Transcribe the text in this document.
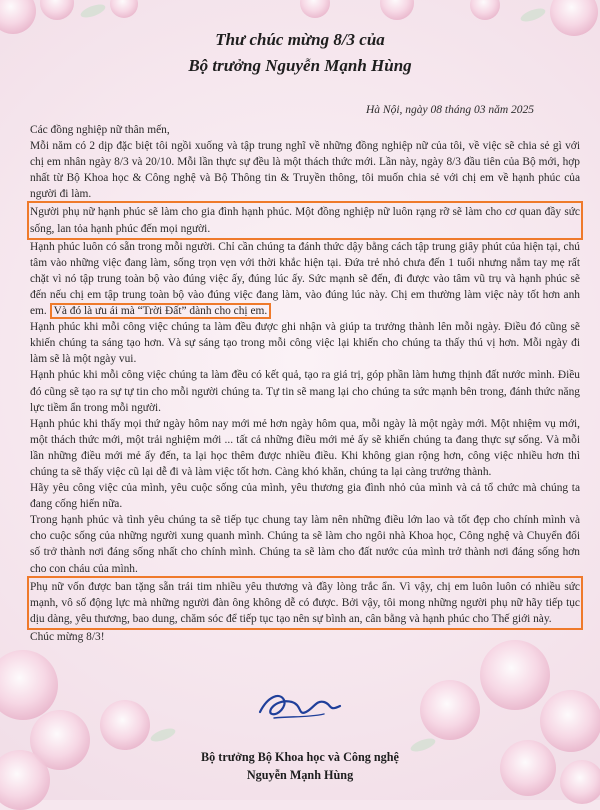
Thư chúc mừng 8/3 của
Bộ trưởng Nguyễn Mạnh Hùng
Hà Nội, ngày 08 tháng 03 năm 2025

Các đồng nghiệp nữ thân mến,

Mỗi năm có 2 dịp đặc biệt tôi ngồi xuống và tập trung nghĩ về những đồng nghiệp nữ của tôi, về việc sẽ chia sẻ gì với chị em nhân ngày 8/3 và 20/10. Mỗi lần thực sự đều là một thách thức mới. Lần này, ngày 8/3 đầu tiên của Bộ mới, hợp nhất từ Bộ Khoa học & Công nghệ và Bộ Thông tin & Truyền thông, tôi muốn chia sẻ với chị em về hạnh phúc của người đi làm.

Người phụ nữ hạnh phúc sẽ làm cho gia đình hạnh phúc. Một đồng nghiệp nữ luôn rạng rỡ sẽ làm cho cơ quan đầy sức sống, lan tỏa hạnh phúc đến mọi người.

Hạnh phúc luôn có sẵn trong mỗi người. Chỉ cần chúng ta đánh thức dậy bằng cách tập trung giây phút của hiện tại, chú tâm vào những việc đang làm, sống trọn vẹn với thời khắc hiện tại. Đứa trẻ nhỏ chưa đến 1 tuổi nhưng nắm tay mẹ rất chặt vì nó tập trung toàn bộ vào đúng việc ấy, đúng lúc ấy. Sức mạnh sẽ đến, đi được vào tâm vũ trụ và hạnh phúc sẽ đến nếu chị em tập trung toàn bộ vào đúng việc đang làm, vào đúng lúc này. Chị em thường làm việc này tốt hơn anh em. Và đó là ưu ái mà “Trời Đất” dành cho chị em.

Hạnh phúc khi mỗi công việc chúng ta làm đều được ghi nhận và giúp ta trưởng thành lên mỗi ngày. Điều đó cũng sẽ khiến chúng ta sáng tạo hơn. Và sự sáng tạo trong mỗi công việc lại khiến cho chúng ta thấy thú vị hơn. Mỗi ngày đi làm sẽ là một ngày vui.

Hạnh phúc khi mỗi công việc chúng ta làm đều có kết quả, tạo ra giá trị, góp phần làm hưng thịnh đất nước mình. Điều đó cũng sẽ tạo ra sự tự tin cho mỗi người chúng ta. Tự tin sẽ mang lại cho chúng ta sức mạnh bên trong, đánh thức năng lực tiềm ẩn trong mỗi người.

Hạnh phúc khi thấy mọi thứ ngày hôm nay mới mẻ hơn ngày hôm qua, mỗi ngày là một ngày mới. Một nhiệm vụ mới, một thách thức mới, một trải nghiệm mới ... tất cả những điều mới mẻ ấy sẽ khiến chúng ta đang thực sự sống. Và mỗi lần những điều mới mẻ ấy đến, ta lại học thêm được nhiều điều. Khi không gian rộng hơn, công việc nhiều hơn thì chúng ta sẽ thấy việc cũ lại dễ đi và làm việc tốt hơn. Càng khó khăn, chúng ta lại càng trưởng thành.

Hãy yêu công việc của mình, yêu cuộc sống của mình, yêu thương gia đình nhỏ của mình và cả tổ chức mà chúng ta đang cống hiến nữa.

Trong hạnh phúc và tình yêu chúng ta sẽ tiếp tục chung tay làm nên những điều lớn lao và tốt đẹp cho chính mình và cho cuộc sống của những người xung quanh mình. Chúng ta sẽ làm cho ngôi nhà Khoa học, Công nghệ và Chuyển đổi số trở thành nơi đáng sống nhất cho chính mình. Chúng ta sẽ làm cho đất nước của mình trở thành nơi đáng sống hơn cho con cháu của mình.

Phụ nữ vốn được ban tặng sẵn trái tim nhiều yêu thương và đầy lòng trắc ẩn. Vì vậy, chị em luôn luôn có nhiều sức mạnh, vô số động lực mà những người đàn ông không dễ có được. Bởi vậy, tôi mong những người phụ nữ hãy tiếp tục dịu dàng, yêu thương, bao dung, chăm sóc để tiếp tục tạo nên sự bình an, cân bằng và hạnh phúc cho Thế giới này.

Chúc mừng 8/3!

Bộ trưởng Bộ Khoa học và Công nghệ
Nguyễn Mạnh Hùng
